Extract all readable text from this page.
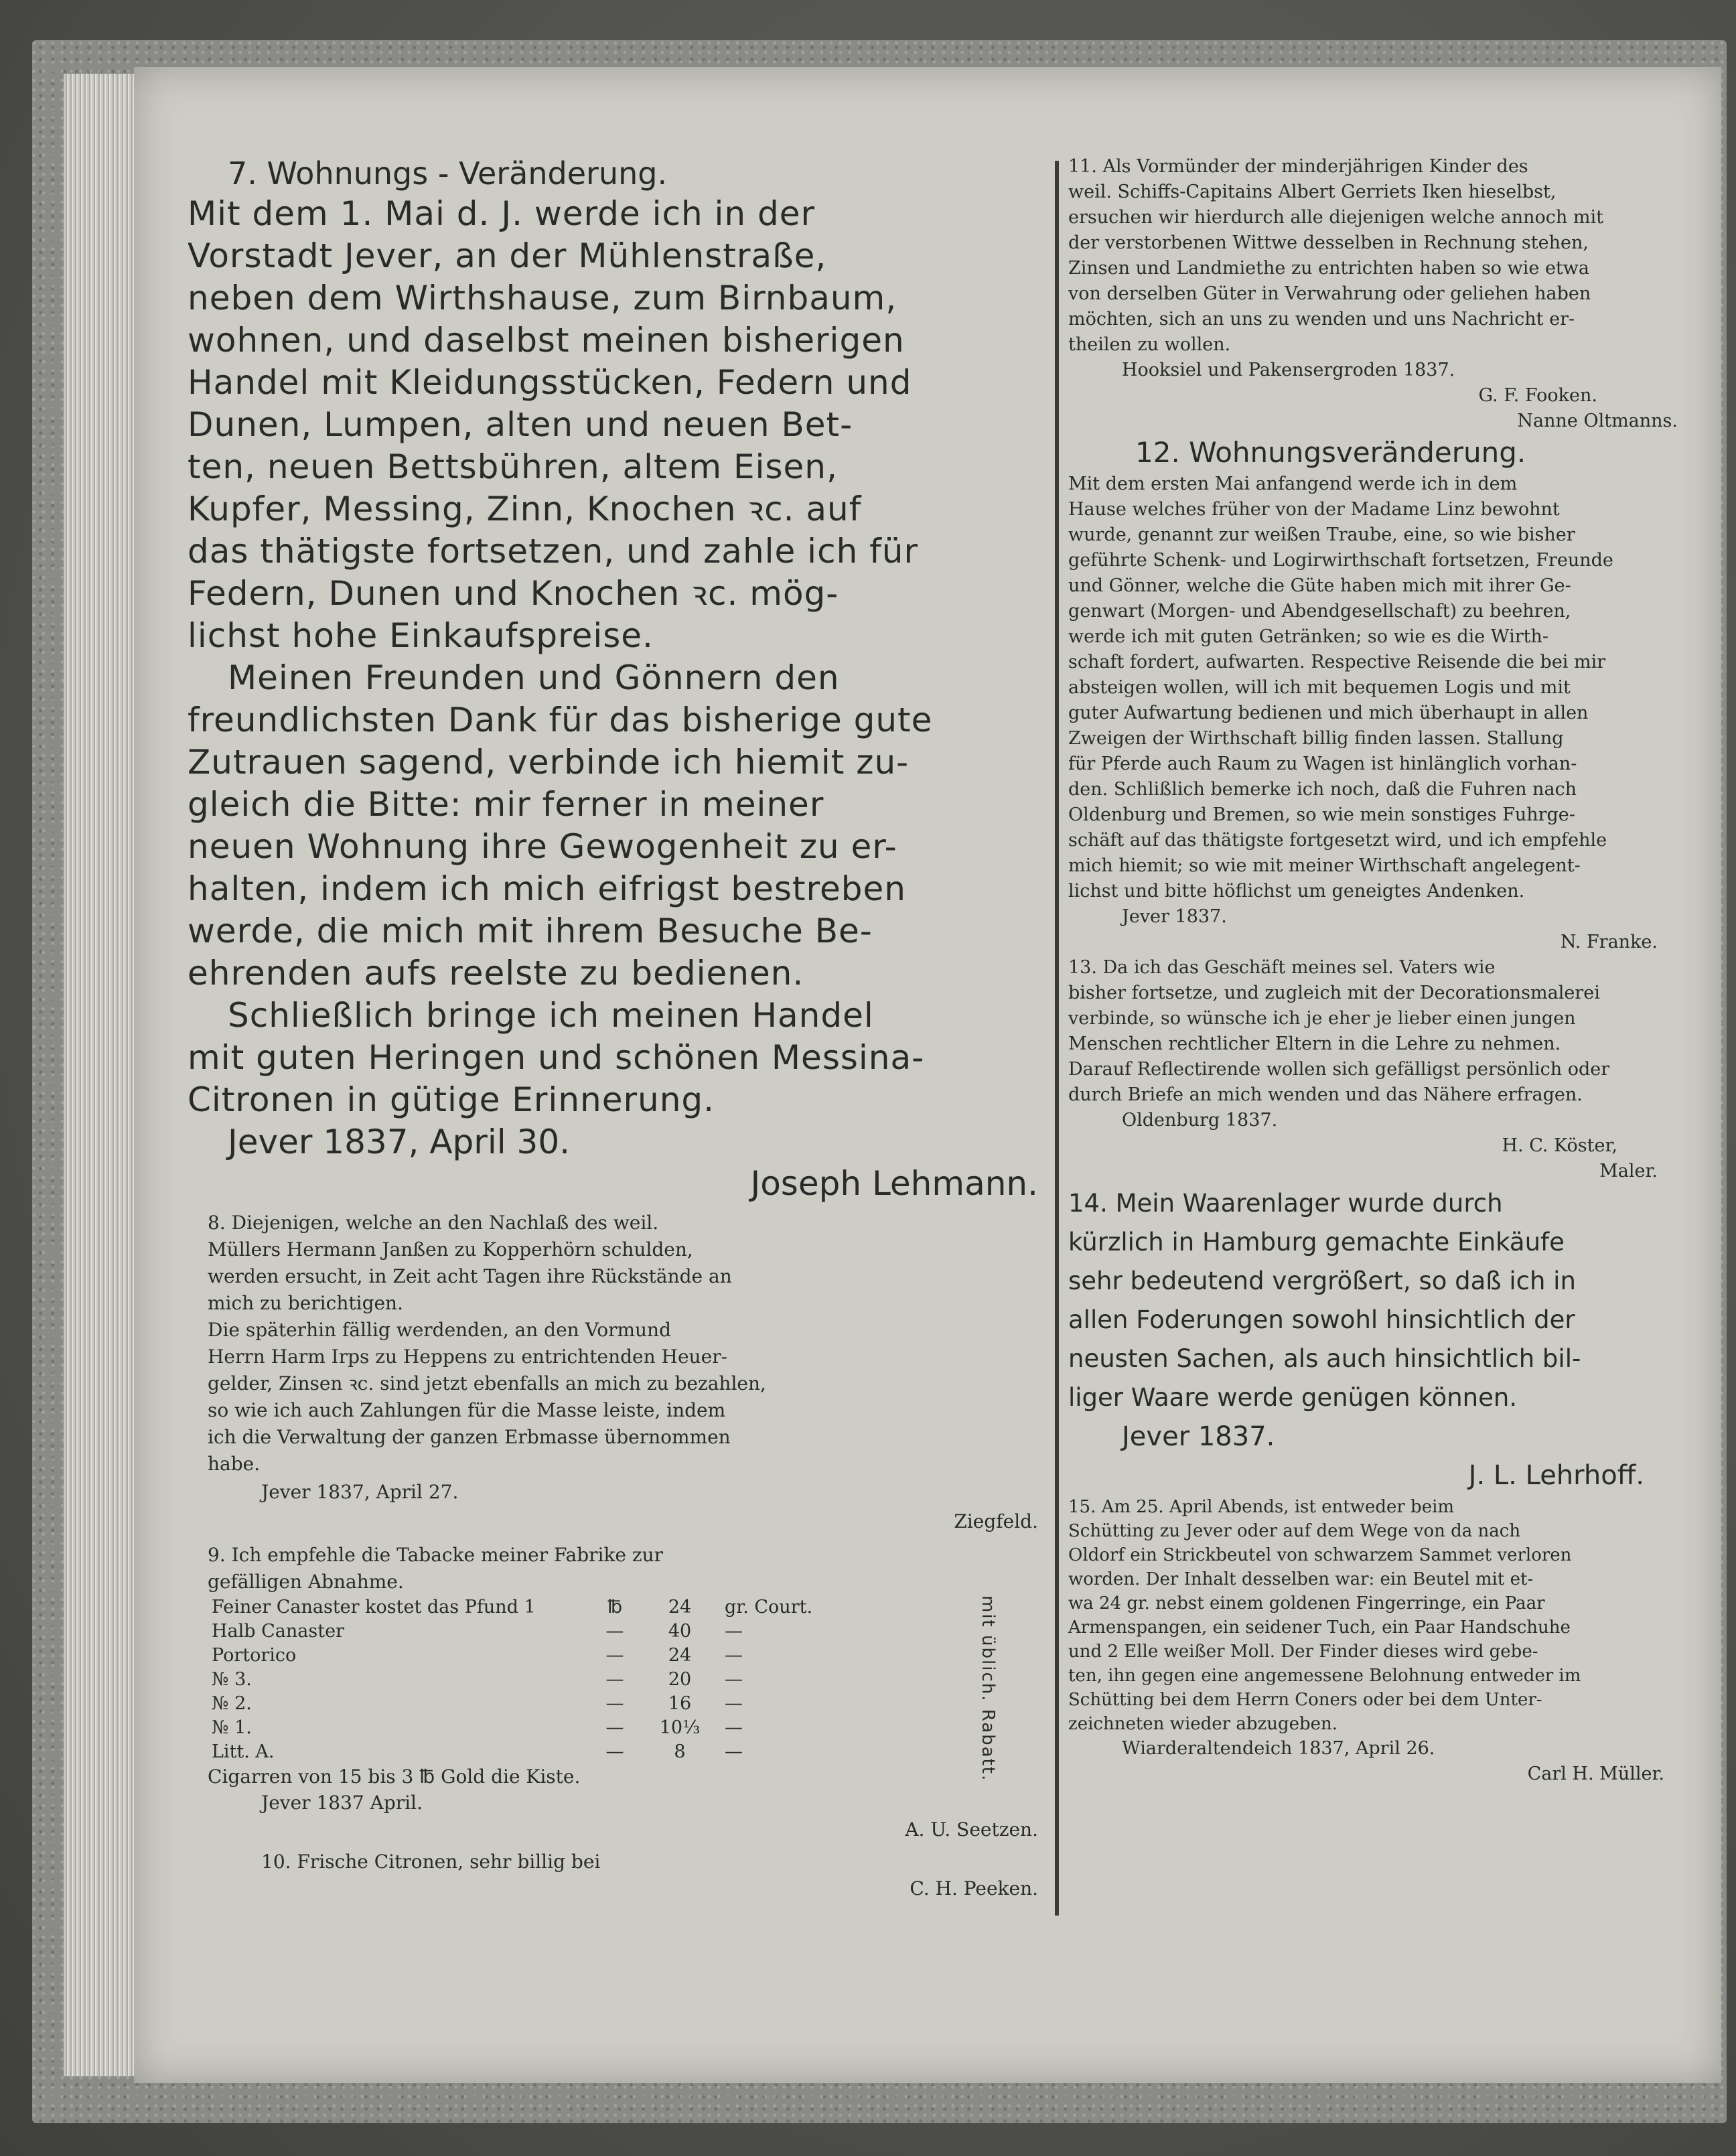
7. Wohnungs - Veränderung.

Mit dem 1. Mai d. J. werde ich in der
Vorstadt Jever, an der Mühlenstraße,
neben dem Wirthshause, zum Birnbaum,
wohnen, und daselbst meinen bisherigen
Handel mit Kleidungsstücken, Federn und
Dunen, Lumpen, alten und neuen Bet-
ten, neuen Bettsbühren, altem Eisen,
Kupfer, Messing, Zinn, Knochen ꝛc. auf
das thätigste fortsetzen, und zahle ich für
Federn, Dunen und Knochen ꝛc. mög-
lichst hohe Einkaufspreise.

Meinen Freunden und Gönnern den
freundlichsten Dank für das bisherige gute
Zutrauen sagend, verbinde ich hiemit zu-
gleich die Bitte: mir ferner in meiner
neuen Wohnung ihre Gewogenheit zu er-
halten, indem ich mich eifrigst bestreben
werde, die mich mit ihrem Besuche Be-
ehrenden aufs reelste zu bedienen.

Schließlich bringe ich meinen Handel
mit guten Heringen und schönen Messina-
Citronen in gütige Erinnerung.

Jever 1837, April 30.

Joseph Lehmann.

8. Diejenigen, welche an den Nachlaß des weil.
Müllers Hermann Janßen zu Kopperhörn schulden,
werden ersucht, in Zeit acht Tagen ihre Rückstände an
mich zu berichtigen.

Die späterhin fällig werdenden, an den Vormund
Herrn Harm Irps zu Heppens zu entrichtenden Heuer-
gelder, Zinsen ꝛc. sind jetzt ebenfalls an mich zu bezahlen,
so wie ich auch Zahlungen für die Masse leiste, indem
ich die Verwaltung der ganzen Erbmasse übernommen
habe.

Jever 1837, April 27.

Ziegfeld.

9. Ich empfehle die Tabacke meiner Fabrike zur
gefälligen Abnahme.

Feiner Canaster kostet das Pfund 1	℔	24	gr. Court.
Halb Canaster	—	40	—
Portorico	—	24	—
№ 3.	—	20	—
№ 2.	—	16	—
№ 1.	—	10⅓	—
Litt. A.	—	8	—	mit üblich. Rabatt.

Cigarren von 15 bis 3 ℔ Gold die Kiste.

Jever 1837 April.

A. U. Seetzen.

10. Frische Citronen, sehr billig bei

C. H. Peeken.

11. Als Vormünder der minderjährigen Kinder des
weil. Schiffs-Capitains Albert Gerriets Iken hieselbst,
ersuchen wir hierdurch alle diejenigen welche annoch mit
der verstorbenen Wittwe desselben in Rechnung stehen,
Zinsen und Landmiethe zu entrichten haben so wie etwa
von derselben Güter in Verwahrung oder geliehen haben
möchten, sich an uns zu wenden und uns Nachricht er-
theilen zu wollen.

Hooksiel und Pakensergroden 1837.

G. F. Fooken.

Nanne Oltmanns.

12. Wohnungsveränderung.

Mit dem ersten Mai anfangend werde ich in dem
Hause welches früher von der Madame Linz bewohnt
wurde, genannt zur weißen Traube, eine, so wie bisher
geführte Schenk- und Logirwirthschaft fortsetzen, Freunde
und Gönner, welche die Güte haben mich mit ihrer Ge-
genwart (Morgen- und Abendgesellschaft) zu beehren,
werde ich mit guten Getränken; so wie es die Wirth-
schaft fordert, aufwarten. Respective Reisende die bei mir
absteigen wollen, will ich mit bequemen Logis und mit
guter Aufwartung bedienen und mich überhaupt in allen
Zweigen der Wirthschaft billig finden lassen. Stallung
für Pferde auch Raum zu Wagen ist hinlänglich vorhan-
den. Schlißlich bemerke ich noch, daß die Fuhren nach
Oldenburg und Bremen, so wie mein sonstiges Fuhrge-
schäft auf das thätigste fortgesetzt wird, und ich empfehle
mich hiemit; so wie mit meiner Wirthschaft angelegent-
lichst und bitte höflichst um geneigtes Andenken.

Jever 1837.

N. Franke.

13. Da ich das Geschäft meines sel. Vaters wie
bisher fortsetze, und zugleich mit der Decorationsmalerei
verbinde, so wünsche ich je eher je lieber einen jungen
Menschen rechtlicher Eltern in die Lehre zu nehmen.
Darauf Reflectirende wollen sich gefälligst persönlich oder
durch Briefe an mich wenden und das Nähere erfragen.

Oldenburg 1837.

H. C. Köster,

Maler.

14. Mein Waarenlager wurde durch
kürzlich in Hamburg gemachte Einkäufe
sehr bedeutend vergrößert, so daß ich in
allen Foderungen sowohl hinsichtlich der
neusten Sachen, als auch hinsichtlich bil-
liger Waare werde genügen können.

Jever 1837.

J. L. Lehrhoff.

15. Am 25. April Abends, ist entweder beim
Schütting zu Jever oder auf dem Wege von da nach
Oldorf ein Strickbeutel von schwarzem Sammet verloren
worden. Der Inhalt desselben war: ein Beutel mit et-
wa 24 gr. nebst einem goldenen Fingerringe, ein Paar
Armenspangen, ein seidener Tuch, ein Paar Handschuhe
und 2 Elle weißer Moll. Der Finder dieses wird gebe-
ten, ihn gegen eine angemessene Belohnung entweder im
Schütting bei dem Herrn Coners oder bei dem Unter-
zeichneten wieder abzugeben.

Wiarderaltendeich 1837, April 26.

Carl H. Müller.
